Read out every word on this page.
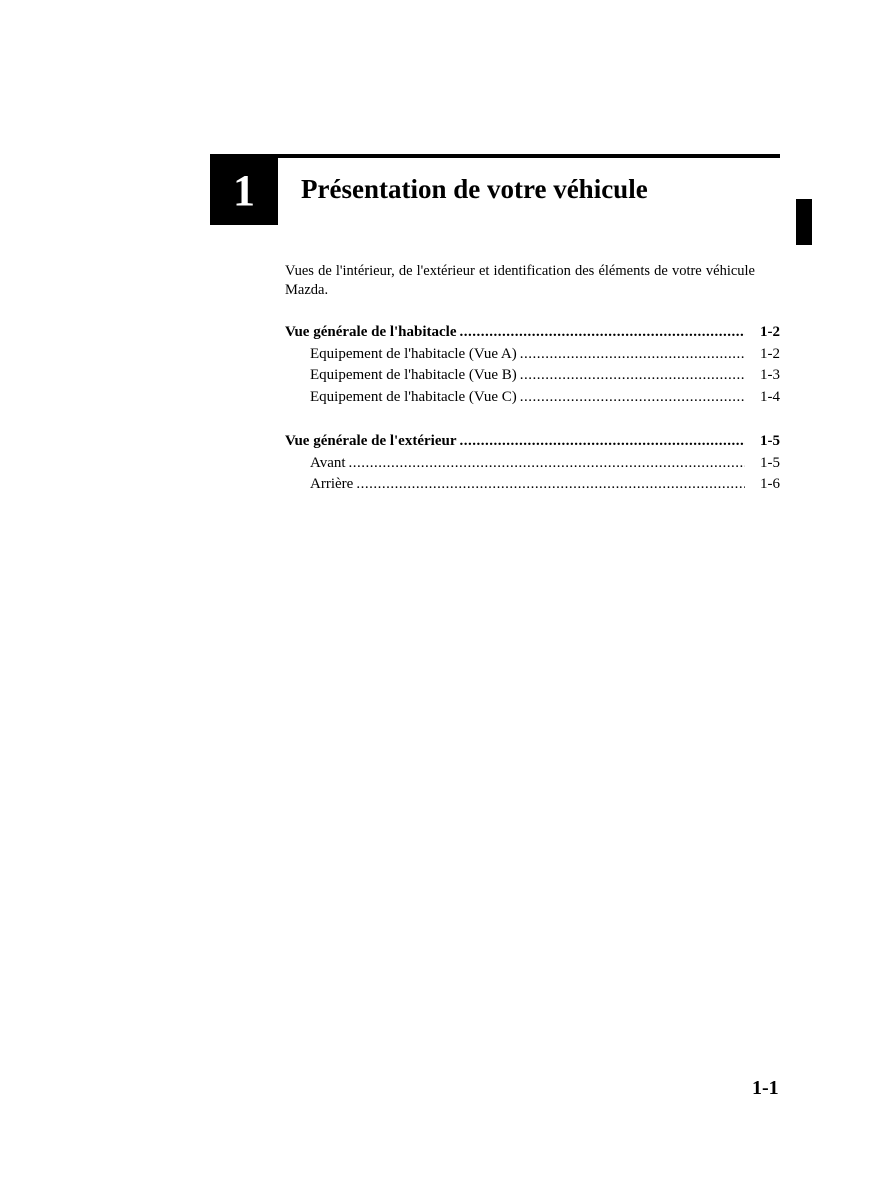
1 Présentation de votre véhicule
Vues de l'intérieur, de l'extérieur et identification des éléments de votre véhicule Mazda.
Vue générale de l'habitacle .....	1-2
Equipement de l'habitacle (Vue A) .....	1-2
Equipement de l'habitacle (Vue B) .....	1-3
Equipement de l'habitacle (Vue C) .....	1-4
Vue générale de l'extérieur .....	1-5
Avant .....	1-5
Arrière .....	1-6
1-1
